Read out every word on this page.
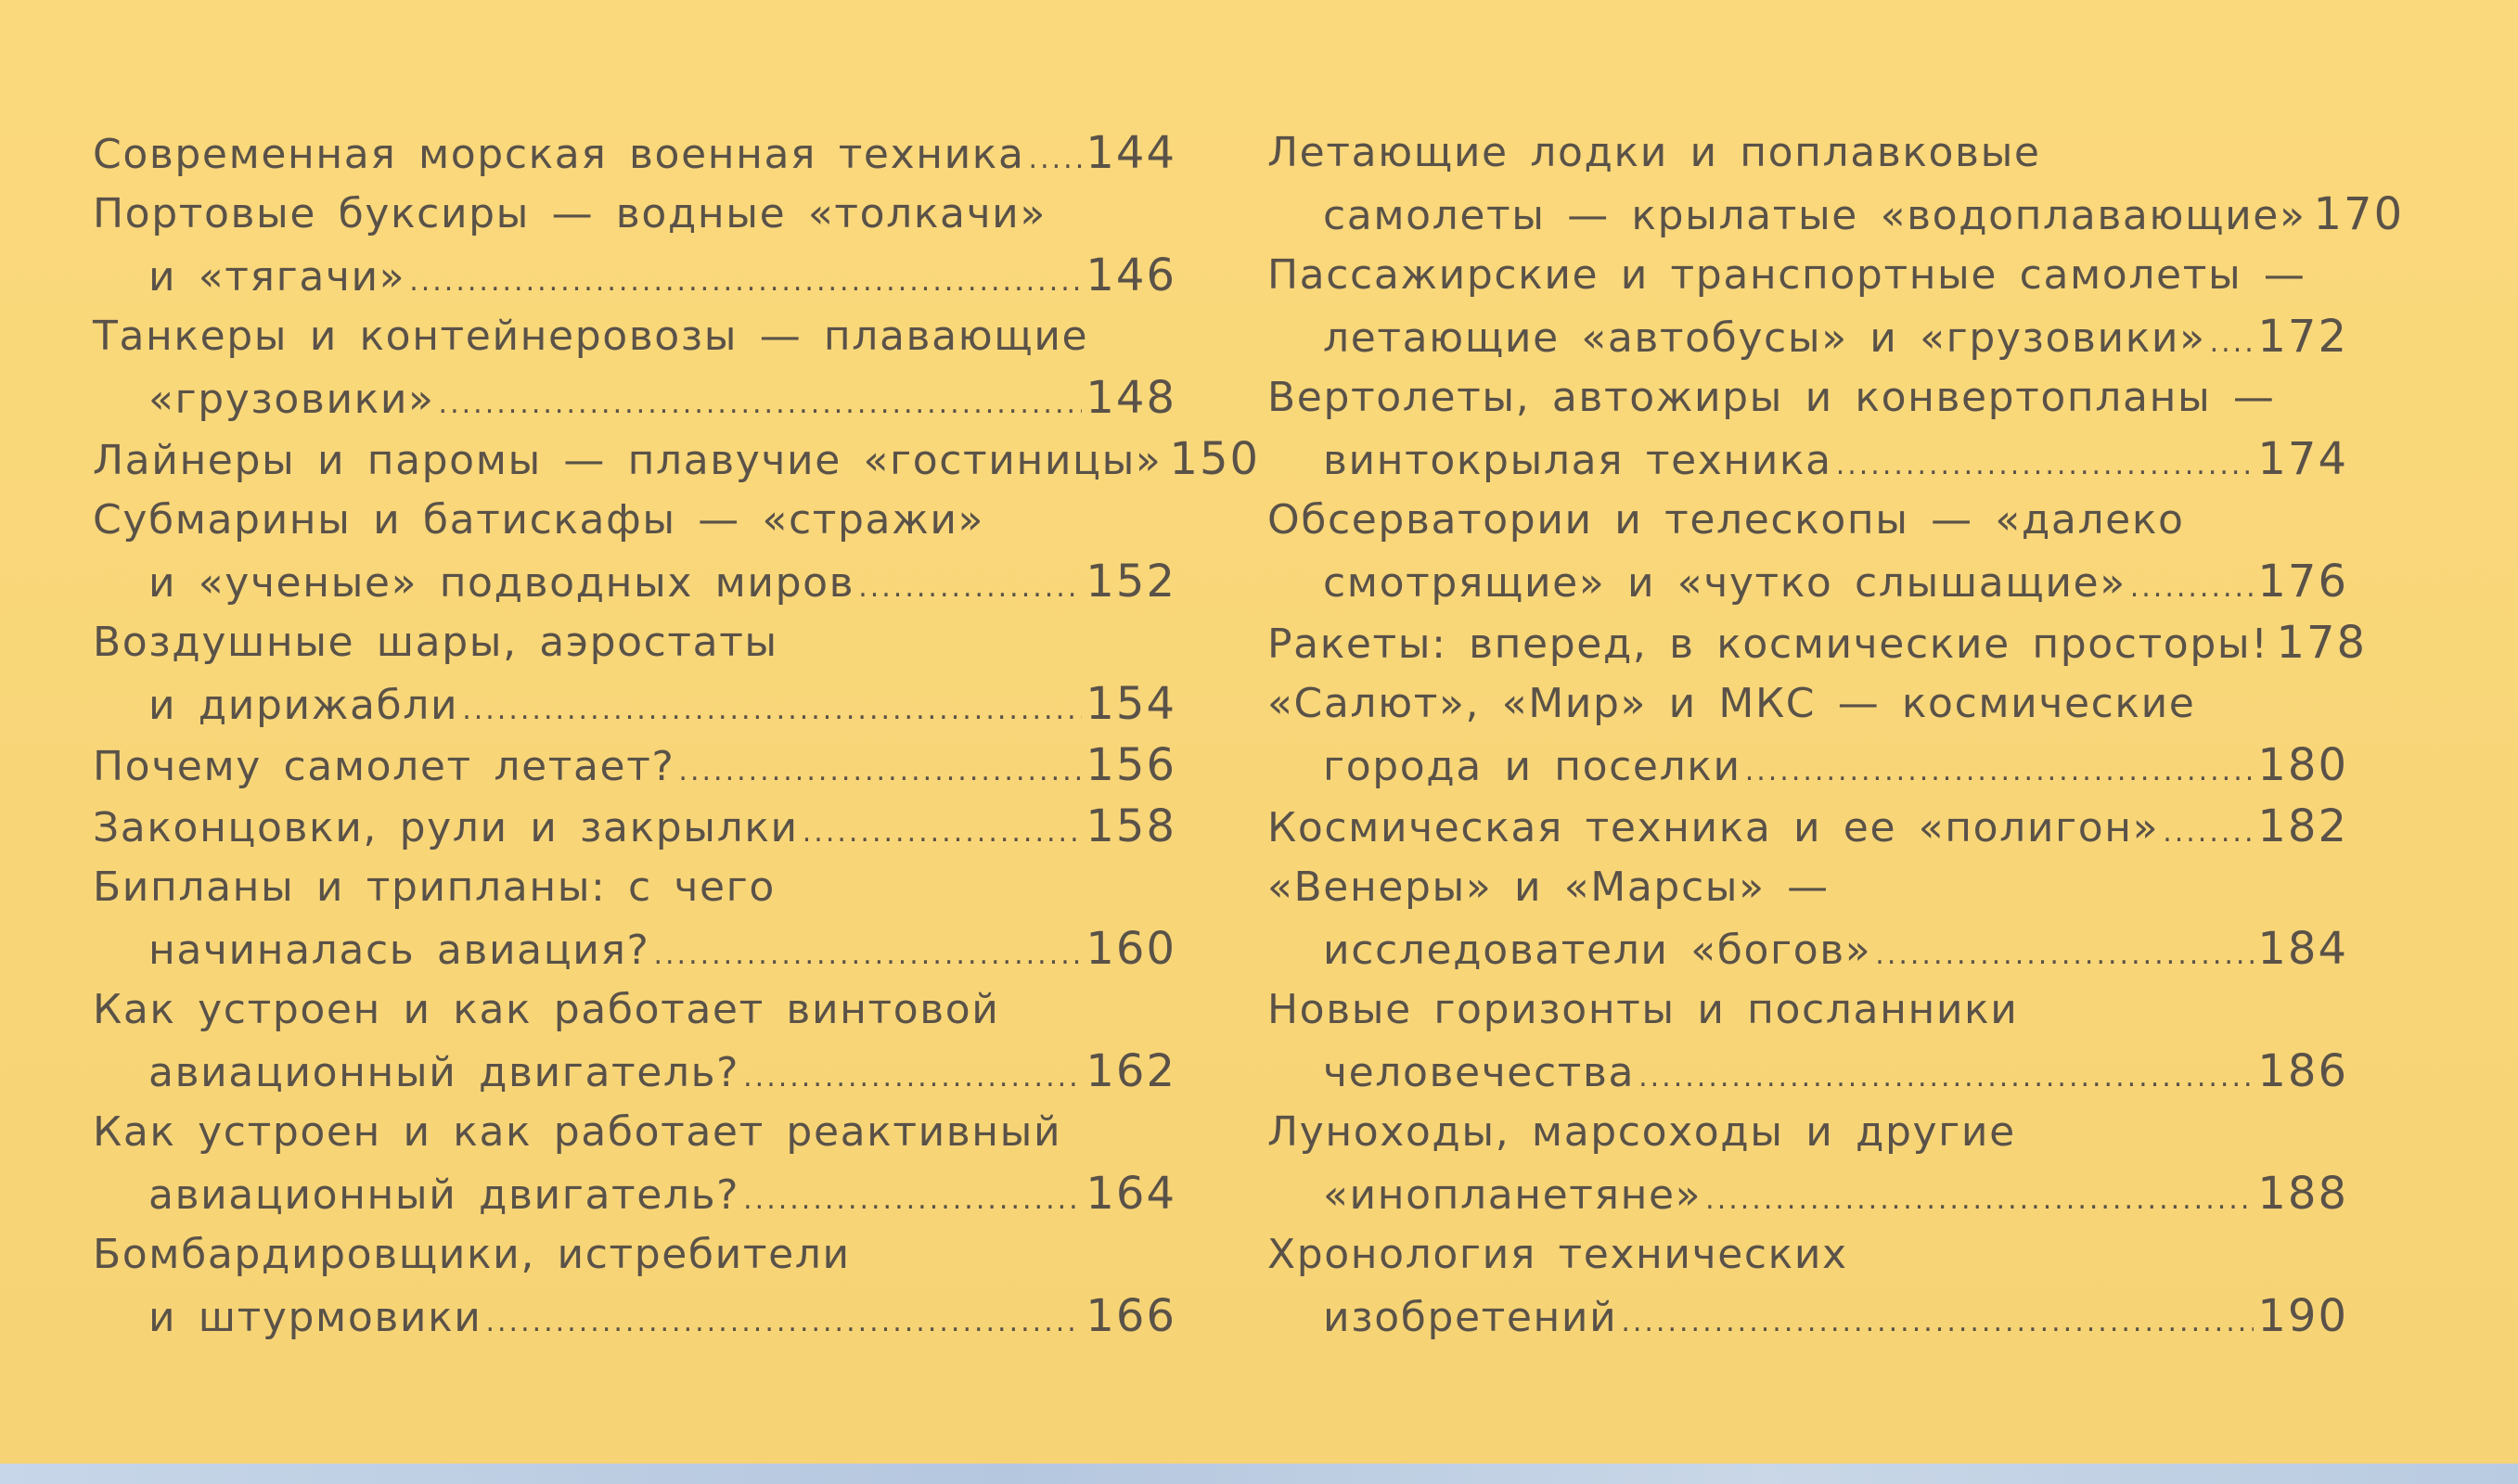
Современная морская военная техника ..... 144
Портовые буксиры — водные «толкачи»
и «тягачи» .....	146
Танкеры и контейнеровозы — плавающие
«грузовики» .....	148
Лайнеры и паромы — плавучие «гостиницы» 150
Субмарины и батискафы — «стражи»
и «ученые» подводных миров .....	152
Воздушные шары, аэростаты
и дирижабли .....	154
Почему самолет летает? .....	156
Законцовки, рули и закрылки .....	158
Бипланы и трипланы: с чего
начиналась авиация? .....	160
Как устроен и как работает винтовой
авиационный двигатель? .....	162
Как устроен и как работает реактивный
авиационный двигатель? .....	164
Бомбардировщики, истребители
и штурмовики .....	166
Летающие лодки и поплавковые
самолеты — крылатые «водоплавающие» 170
Пассажирские и транспортные самолеты —
летающие «автобусы» и «грузовики» ..... 172
Вертолеты, автожиры и конвертопланы —
винтокрылая техника .....	174
Обсерватории и телескопы — «далеко
смотрящие» и «чутко слышащие» .....	176
Ракеты: вперед, в космические просторы! 178
«Салют», «Мир» и МКС — космические
города и поселки .....	180
Космическая техника и ее «полигон» ..... 182
«Венеры» и «Марсы» —
исследователи «богов» .....	184
Новые горизонты и посланники
человечества .....	186
Луноходы, марсоходы и другие
«инопланетяне» .....	188
Хронология технических
изобретений .....	190
